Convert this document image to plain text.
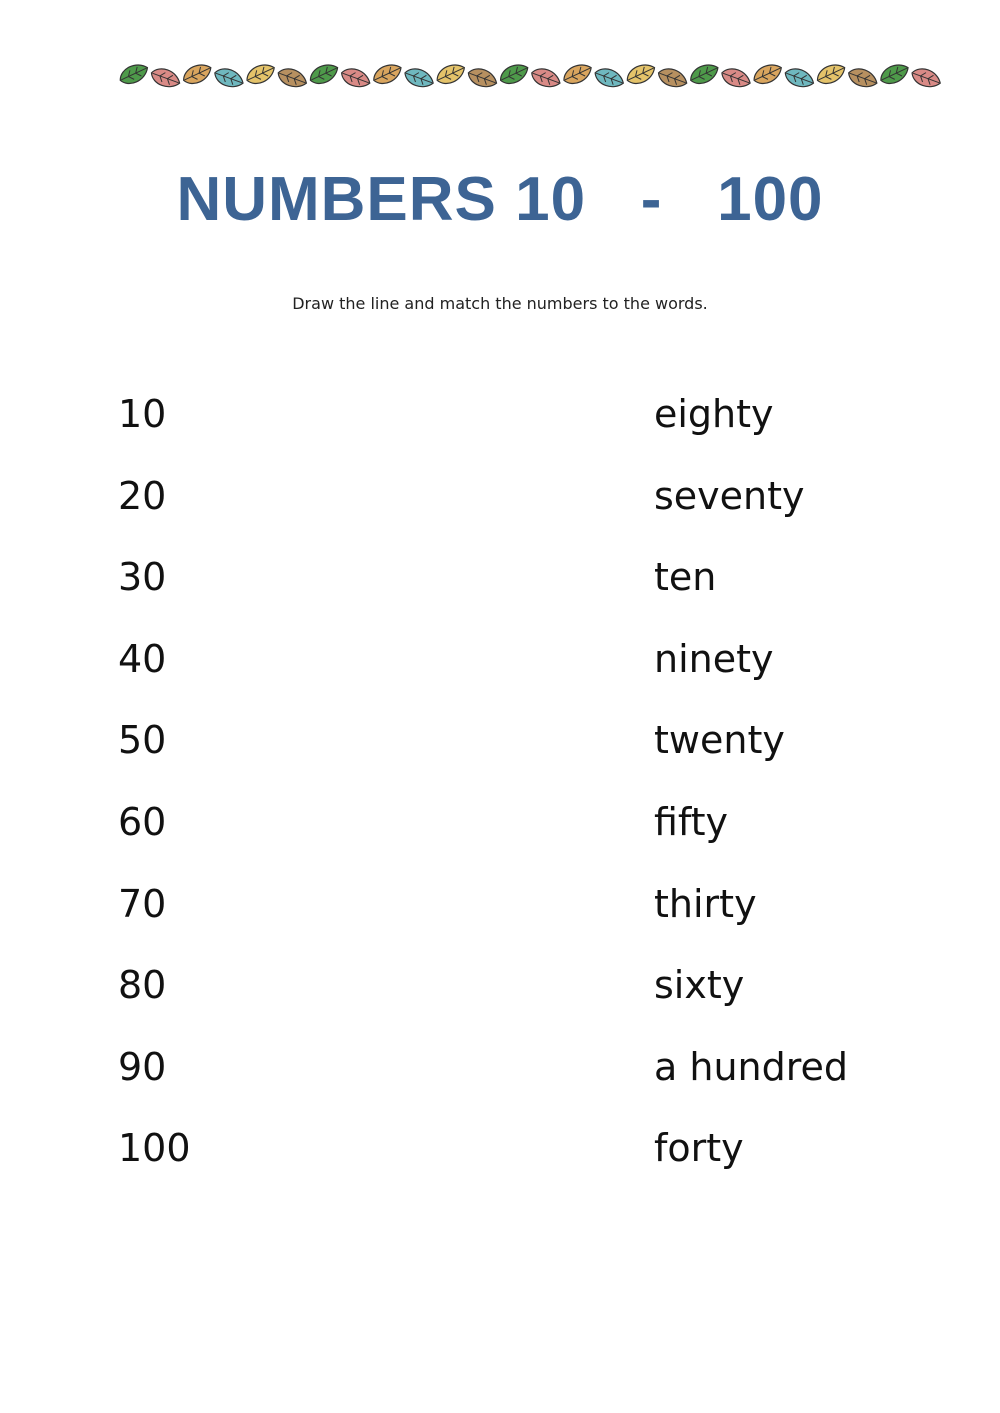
NUMBERS 10   -   100
Draw the line and match the numbers to the words.
10
20
30
40
50
60
70
80
90
100
eighty
seventy
ten
ninety
twenty
fifty
thirty
sixty
a hundred
forty
